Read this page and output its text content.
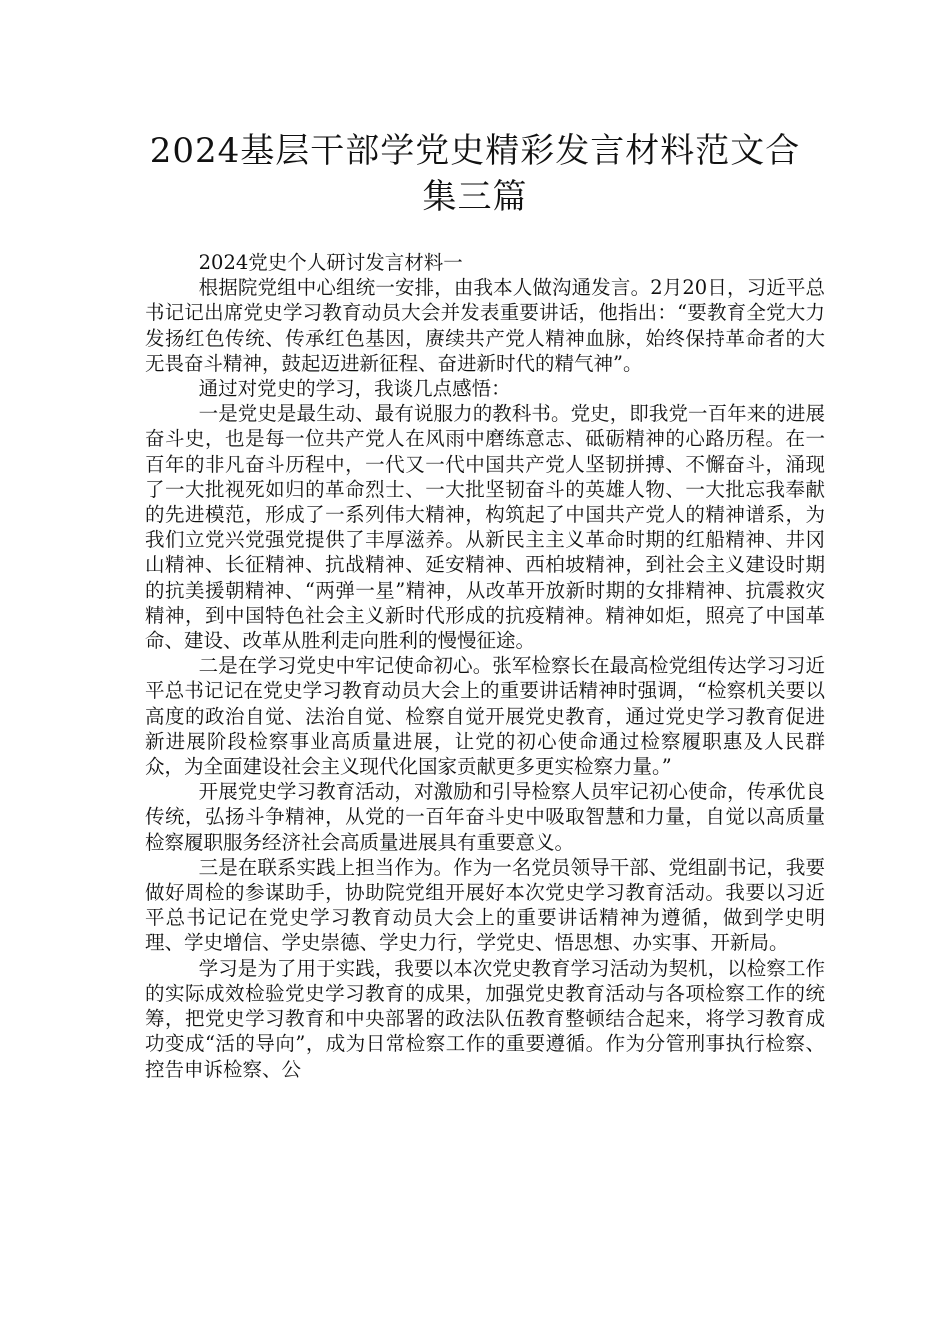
2024基层干部学党史精彩发言材料范文合
集三篇

2024党史个人研讨发言材料一

根据院党组中心组统一安排，由我本人做沟通发言。2月20日，习近平总书记记出席党史学习教育动员大会并发表重要讲话，他指出：“要教育全党大力发扬红色传统、传承红色基因，赓续共产党人精神血脉，始终保持革命者的大无畏奋斗精神，鼓起迈进新征程、奋进新时代的精气神”。

通过对党史的学习，我谈几点感悟：

一是党史是最生动、最有说服力的教科书。党史，即我党一百年来的进展奋斗史，也是每一位共产党人在风雨中磨练意志、砥砺精神的心路历程。在一百年的非凡奋斗历程中，一代又一代中国共产党人坚韧拼搏、不懈奋斗，涌现了一大批视死如归的革命烈士、一大批坚韧奋斗的英雄人物、一大批忘我奉献的先进模范，形成了一系列伟大精神，构筑起了中国共产党人的精神谱系，为我们立党兴党强党提供了丰厚滋养。从新民主主义革命时期的红船精神、井冈山精神、长征精神、抗战精神、延安精神、西柏坡精神，到社会主义建设时期的抗美援朝精神、“两弹一星”精神，从改革开放新时期的女排精神、抗震救灾精神，到中国特色社会主义新时代形成的抗疫精神。精神如炬，照亮了中国革命、建设、改革从胜利走向胜利的慢慢征途。

二是在学习党史中牢记使命初心。张军检察长在最高检党组传达学习习近平总书记记在党史学习教育动员大会上的重要讲话精神时强调，“检察机关要以高度的政治自觉、法治自觉、检察自觉开展党史教育，通过党史学习教育促进新进展阶段检察事业高质量进展，让党的初心使命通过检察履职惠及人民群众，为全面建设社会主义现代化国家贡献更多更实检察力量。”

开展党史学习教育活动，对激励和引导检察人员牢记初心使命，传承优良传统，弘扬斗争精神，从党的一百年奋斗史中吸取智慧和力量，自觉以高质量检察履职服务经济社会高质量进展具有重要意义。

三是在联系实践上担当作为。作为一名党员领导干部、党组副书记，我要做好周检的参谋助手，协助院党组开展好本次党史学习教育活动。我要以习近平总书记记在党史学习教育动员大会上的重要讲话精神为遵循，做到学史明理、学史增信、学史崇德、学史力行，学党史、悟思想、办实事、开新局。

学习是为了用于实践，我要以本次党史教育学习活动为契机，以检察工作的实际成效检验党史学习教育的成果，加强党史教育活动与各项检察工作的统筹，把党史学习教育和中央部署的政法队伍教育整顿结合起来，将学习教育成功变成“活的导向”，成为日常检察工作的重要遵循。作为分管刑事执行检察、控告申诉检察、公
